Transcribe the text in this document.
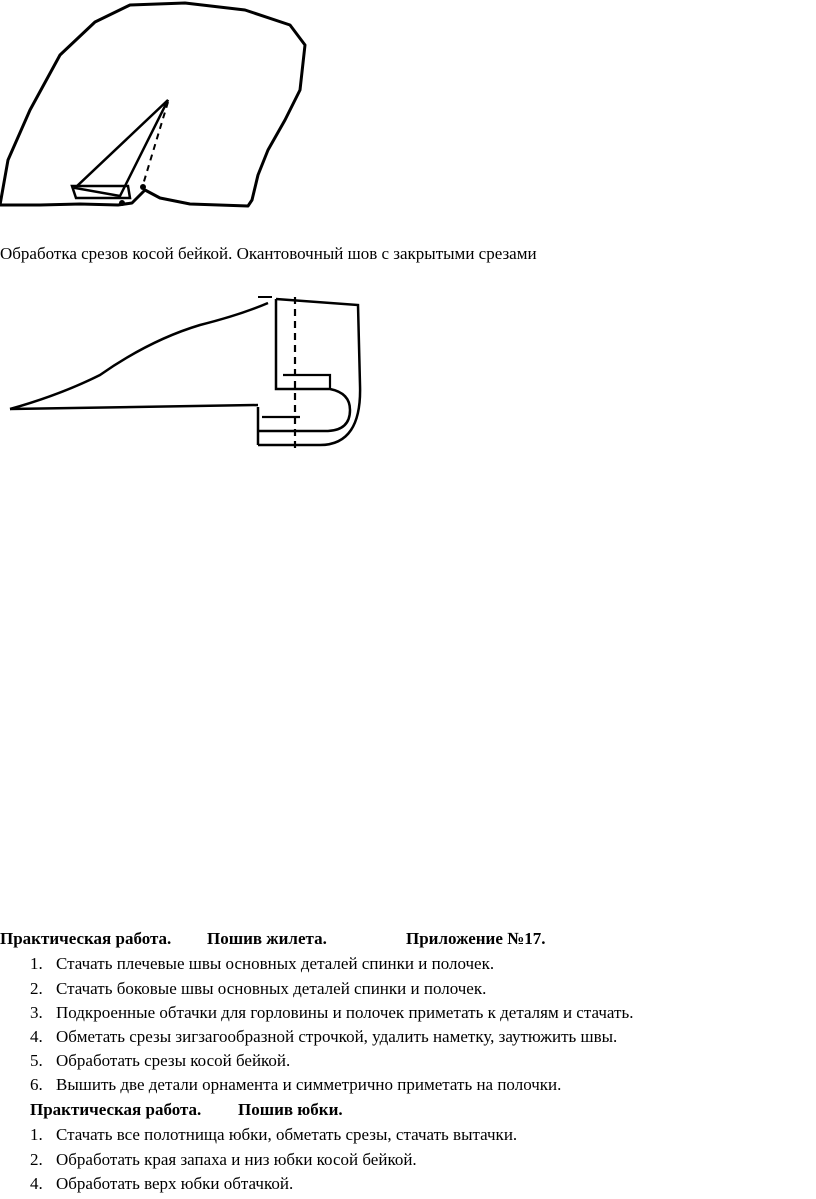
Обработка срезов косой бейкой. Окантовочный шов с закрытыми срезами
Практическая работа. Пошив жилета.	Приложение №17.
1. Стачать плечевые швы основных деталей спинки и полочек.
2. Стачать боковые швы основных деталей спинки и полочек.
3. Подкроенные обтачки для горловины и полочек приметать к деталям и стачать.
4. Обметать срезы зигзагообразной строчкой, удалить наметку, заутюжить швы.
5. Обработать срезы косой бейкой.
6. Вышить две детали орнамента и симметрично приметать на полочки.
Практическая работа. Пошив юбки.
1. Стачать все полотнища юбки, обметать срезы, стачать вытачки.
2. Обработать края запаха и низ юбки косой бейкой.
4. Обработать верх юбки обтачкой.
